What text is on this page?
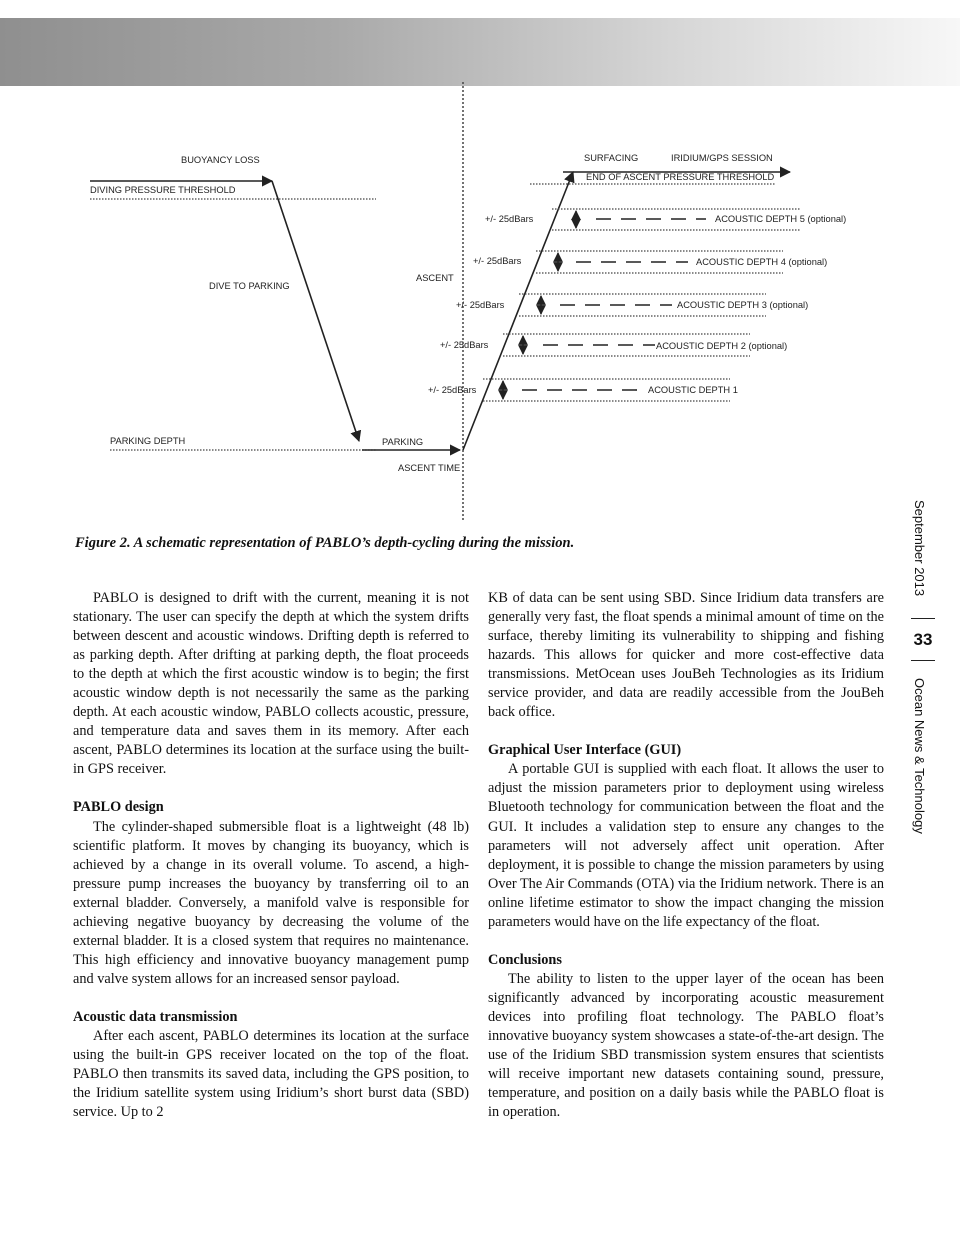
BUOYANCY LOSS
DIVING PRESSURE THRESHOLD
DIVE TO PARKING
PARKING DEPTH	PARKING
ASCENT TIME
ASCENT
SURFACING	IRIDIUM/GPS SESSION
END OF ASCENT PRESSURE THRESHOLD
+/- 25dBars	ACOUSTIC DEPTH 5 (optional)
+/- 25dBars	ACOUSTIC DEPTH 4 (optional)
+/- 25dBars	ACOUSTIC DEPTH 3 (optional)
+/- 25dBars	ACOUSTIC DEPTH 2 (optional)
+/- 25dBars	ACOUSTIC DEPTH 1

Figure 2. A schematic representation of PABLO’s depth-cycling during the mission.

PABLO is designed to drift with the current, meaning it is not stationary. The user can specify the depth at which the system drifts between descent and acoustic windows. Drifting depth is referred to as parking depth. After drifting at parking depth, the float proceeds to the depth at which the first acoustic window is to begin; the first acoustic window depth is not necessarily the same as the parking depth. At each acoustic window, PABLO collects acoustic, pressure, and temperature data and saves them in its memory. After each ascent, PABLO determines its location at the surface using the built-in GPS receiver.

PABLO design

The cylinder-shaped submersible float is a lightweight (48 lb) scientific platform. It moves by changing its buoyancy, which is achieved by a change in its overall volume. To ascend, a high-pressure pump increases the buoyancy by transferring oil to an external bladder. Conversely, a manifold valve is responsible for achieving negative buoyancy by decreasing the volume of the external bladder. It is a closed system that requires no maintenance. This high efficiency and innovative buoyancy management pump and valve system allows for an increased sensor payload.

Acoustic data transmission

After each ascent, PABLO determines its location at the surface using the built-in GPS receiver located on the top of the float. PABLO then transmits its saved data, including the GPS position, to the Iridium satellite system using Iridium’s short burst data (SBD) service. Up to 2

KB of data can be sent using SBD. Since Iridium data transfers are generally very fast, the float spends a minimal amount of time on the surface, thereby limiting its vulnerability to shipping and fishing hazards. This allows for quicker and more cost-effective data transmissions. MetOcean uses JouBeh Technologies as its Iridium service provider, and data are readily accessible from the JouBeh back office.

Graphical User Interface (GUI)

A portable GUI is supplied with each float. It allows the user to adjust the mission parameters prior to deployment using wireless Bluetooth technology for communication between the float and the GUI. It includes a validation step to ensure any changes to the parameters will not adversely affect unit operation. After deployment, it is possible to change the mission parameters by using Over The Air Commands (OTA) via the Iridium network. There is an online lifetime estimator to show the impact changing the mission parameters would have on the life expectancy of the float.

Conclusions

The ability to listen to the upper layer of the ocean has been significantly advanced by incorporating acoustic measurement devices into profiling float technology. The PABLO float’s innovative buoyancy system showcases a state-of-the-art design. The use of the Iridium SBD transmission system ensures that scientists will receive important new datasets containing sound, pressure, temperature, and position on a daily basis while the PABLO float is in operation.

September 2013
33
Ocean News & Technology
